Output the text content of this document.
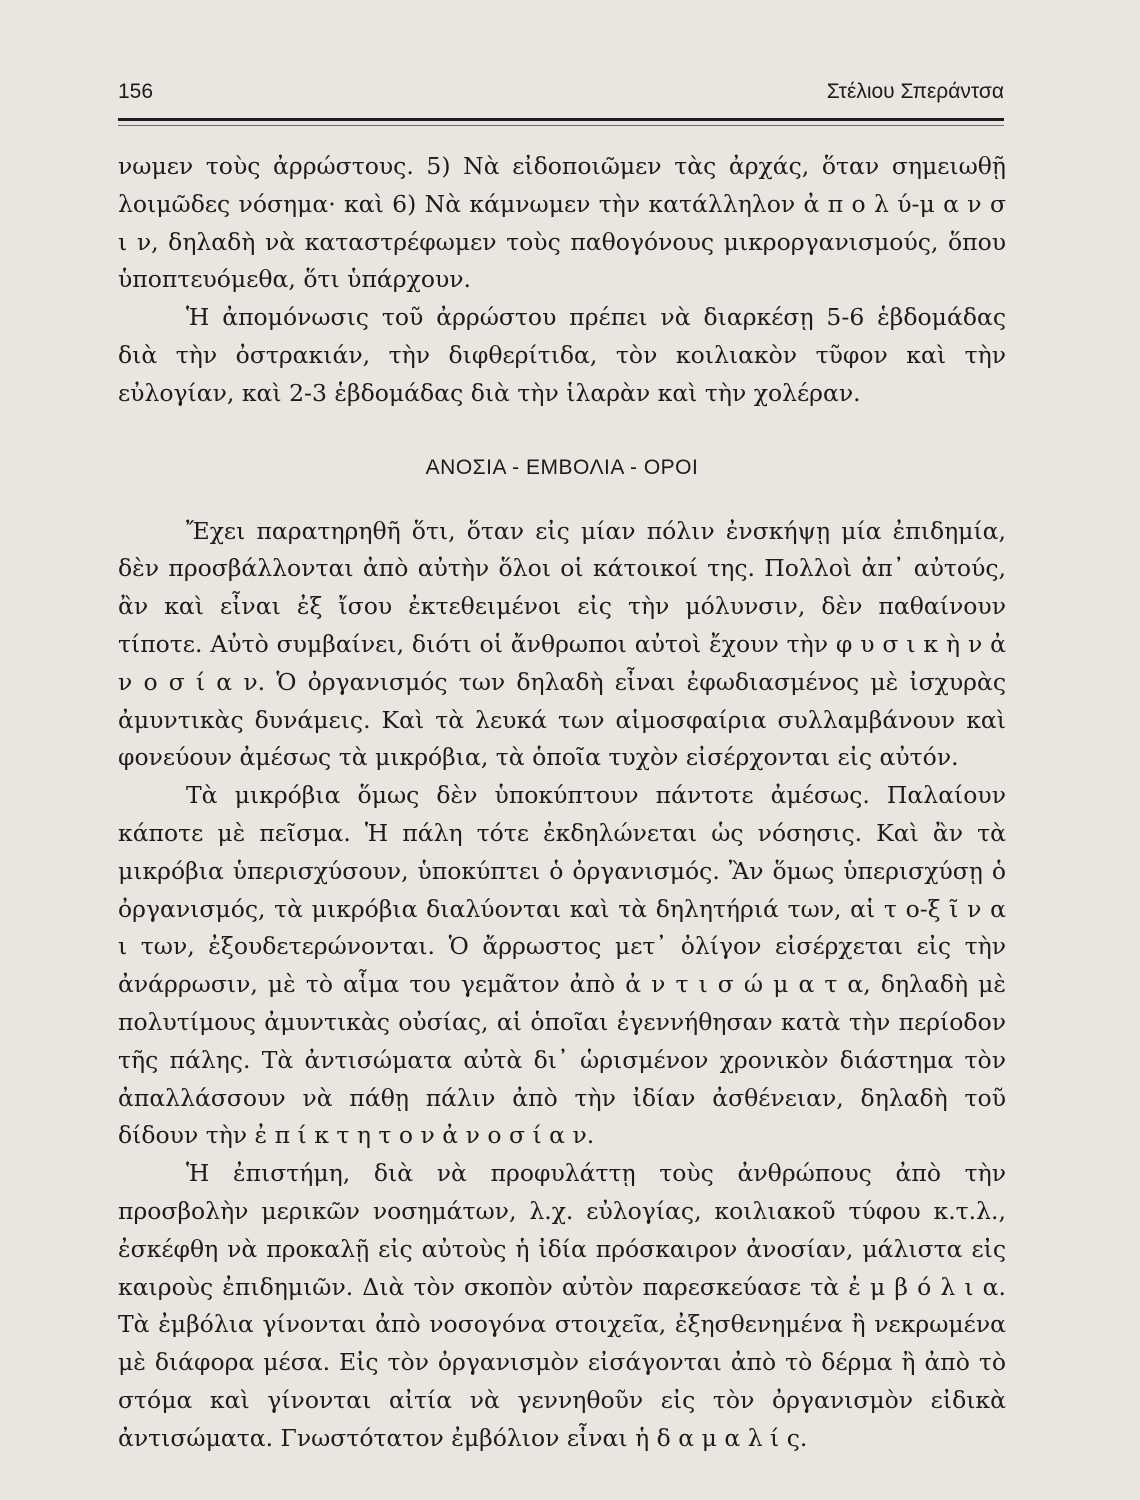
156	Στέλιου Σπεράντσα

νωμεν τοὺς ἀρρώστους. 5) Νὰ εἰδοποιῶμεν τὰς ἀρχάς, ὅταν σημειωθῇ λοιμῶδες νόσημα· καὶ 6) Νὰ κάμνωμεν τὴν κατάλληλον ἀ π ο λ ύ-μ α ν σ ι ν, δηλαδὴ νὰ καταστρέφωμεν τοὺς παθογόνους μικροργανισμούς, ὅπου ὑποπτευόμεθα, ὅτι ὑπάρχουν.

Ἡ ἀπομόνωσις τοῦ ἀρρώστου πρέπει νὰ διαρκέσῃ 5-6 ἑβδομάδας διὰ τὴν ὀστρακιάν, τὴν διφθερίτιδα, τὸν κοιλιακὸν τῦφον καὶ τὴν εὐλογίαν, καὶ 2-3 ἑβδομάδας διὰ τὴν ἱλαρὰν καὶ τὴν χολέραν.

ΑΝΟΣΙΑ - ΕΜΒΟΛΙΑ - ΟΡΟΙ

Ἔχει παρατηρηθῆ ὅτι, ὅταν εἰς μίαν πόλιν ἐνσκήψῃ μία ἐπιδημία, δὲν προσβάλλονται ἀπὸ αὐτὴν ὅλοι οἱ κάτοικοί της. Πολλοὶ ἀπ᾿ αὐτούς, ἂν καὶ εἶναι ἐξ ἴσου ἐκτεθειμένοι εἰς τὴν μόλυνσιν, δὲν παθαίνουν τίποτε. Αὐτὸ συμβαίνει, διότι οἱ ἄνθρωποι αὐτοὶ ἔχουν τὴν φ υ σ ι κ ὴ ν ἀ ν ο σ ί α ν. Ὁ ὀργανισμός των δηλαδὴ εἶναι ἐφωδιασμένος μὲ ἰσχυρὰς ἀμυντικὰς δυνάμεις. Καὶ τὰ λευκά των αἱμοσφαίρια συλλαμβάνουν καὶ φονεύουν ἀμέσως τὰ μικρόβια, τὰ ὁποῖα τυχὸν εἰσέρχονται εἰς αὐτόν.

Τὰ μικρόβια ὅμως δὲν ὑποκύπτουν πάντοτε ἀμέσως. Παλαίουν κάποτε μὲ πεῖσμα. Ἡ πάλη τότε ἐκδηλώνεται ὡς νόσησις. Καὶ ἂν τὰ μικρόβια ὑπερισχύσουν, ὑποκύπτει ὁ ὀργανισμός. Ἂν ὅμως ὑπερισχύσῃ ὁ ὀργανισμός, τὰ μικρόβια διαλύονται καὶ τὰ δηλητήριά των, αἱ τ ο-ξ ῖ ν α ι των, ἐξουδετερώνονται. Ὁ ἄρρωστος μετ᾿ ὀλίγον εἰσέρχεται εἰς τὴν ἀνάρρωσιν, μὲ τὸ αἷμα του γεμᾶτον ἀπὸ ἀ ν τ ι σ ώ μ α τ α, δηλαδὴ μὲ πολυτίμους ἀμυντικὰς οὐσίας, αἱ ὁποῖαι ἐγεννήθησαν κατὰ τὴν περίοδον τῆς πάλης. Τὰ ἀντισώματα αὐτὰ δι᾿ ὡρισμένον χρονικὸν διάστημα τὸν ἀπαλλάσσουν νὰ πάθῃ πάλιν ἀπὸ τὴν ἰδίαν ἀσθένειαν, δηλαδὴ τοῦ δίδουν τὴν ἐ π ί κ τ η τ ο ν ἀ ν ο σ ί α ν.

Ἡ ἐπιστήμη, διὰ νὰ προφυλάττῃ τοὺς ἀνθρώπους ἀπὸ τὴν προσβολὴν μερικῶν νοσημάτων, λ.χ. εὐλογίας, κοιλιακοῦ τύφου κ.τ.λ., ἐσκέφθη νὰ προκαλῇ εἰς αὐτοὺς ἡ ἰδία πρόσκαιρον ἀνοσίαν, μάλιστα εἰς καιροὺς ἐπιδημιῶν. Διὰ τὸν σκοπὸν αὐτὸν παρεσκεύασε τὰ ἐ μ β ό λ ι α. Τὰ ἐμβόλια γίνονται ἀπὸ νοσογόνα στοιχεῖα, ἐξησθενημένα ἢ νεκρωμένα μὲ διάφορα μέσα. Εἰς τὸν ὀργανισμὸν εἰσάγονται ἀπὸ τὸ δέρμα ἢ ἀπὸ τὸ στόμα καὶ γίνονται αἰτία νὰ γεννηθοῦν εἰς τὸν ὀργανισμὸν εἰδικὰ ἀντισώματα. Γνωστότατον ἐμβόλιον εἶναι ἡ δ α μ α λ ί ς.
